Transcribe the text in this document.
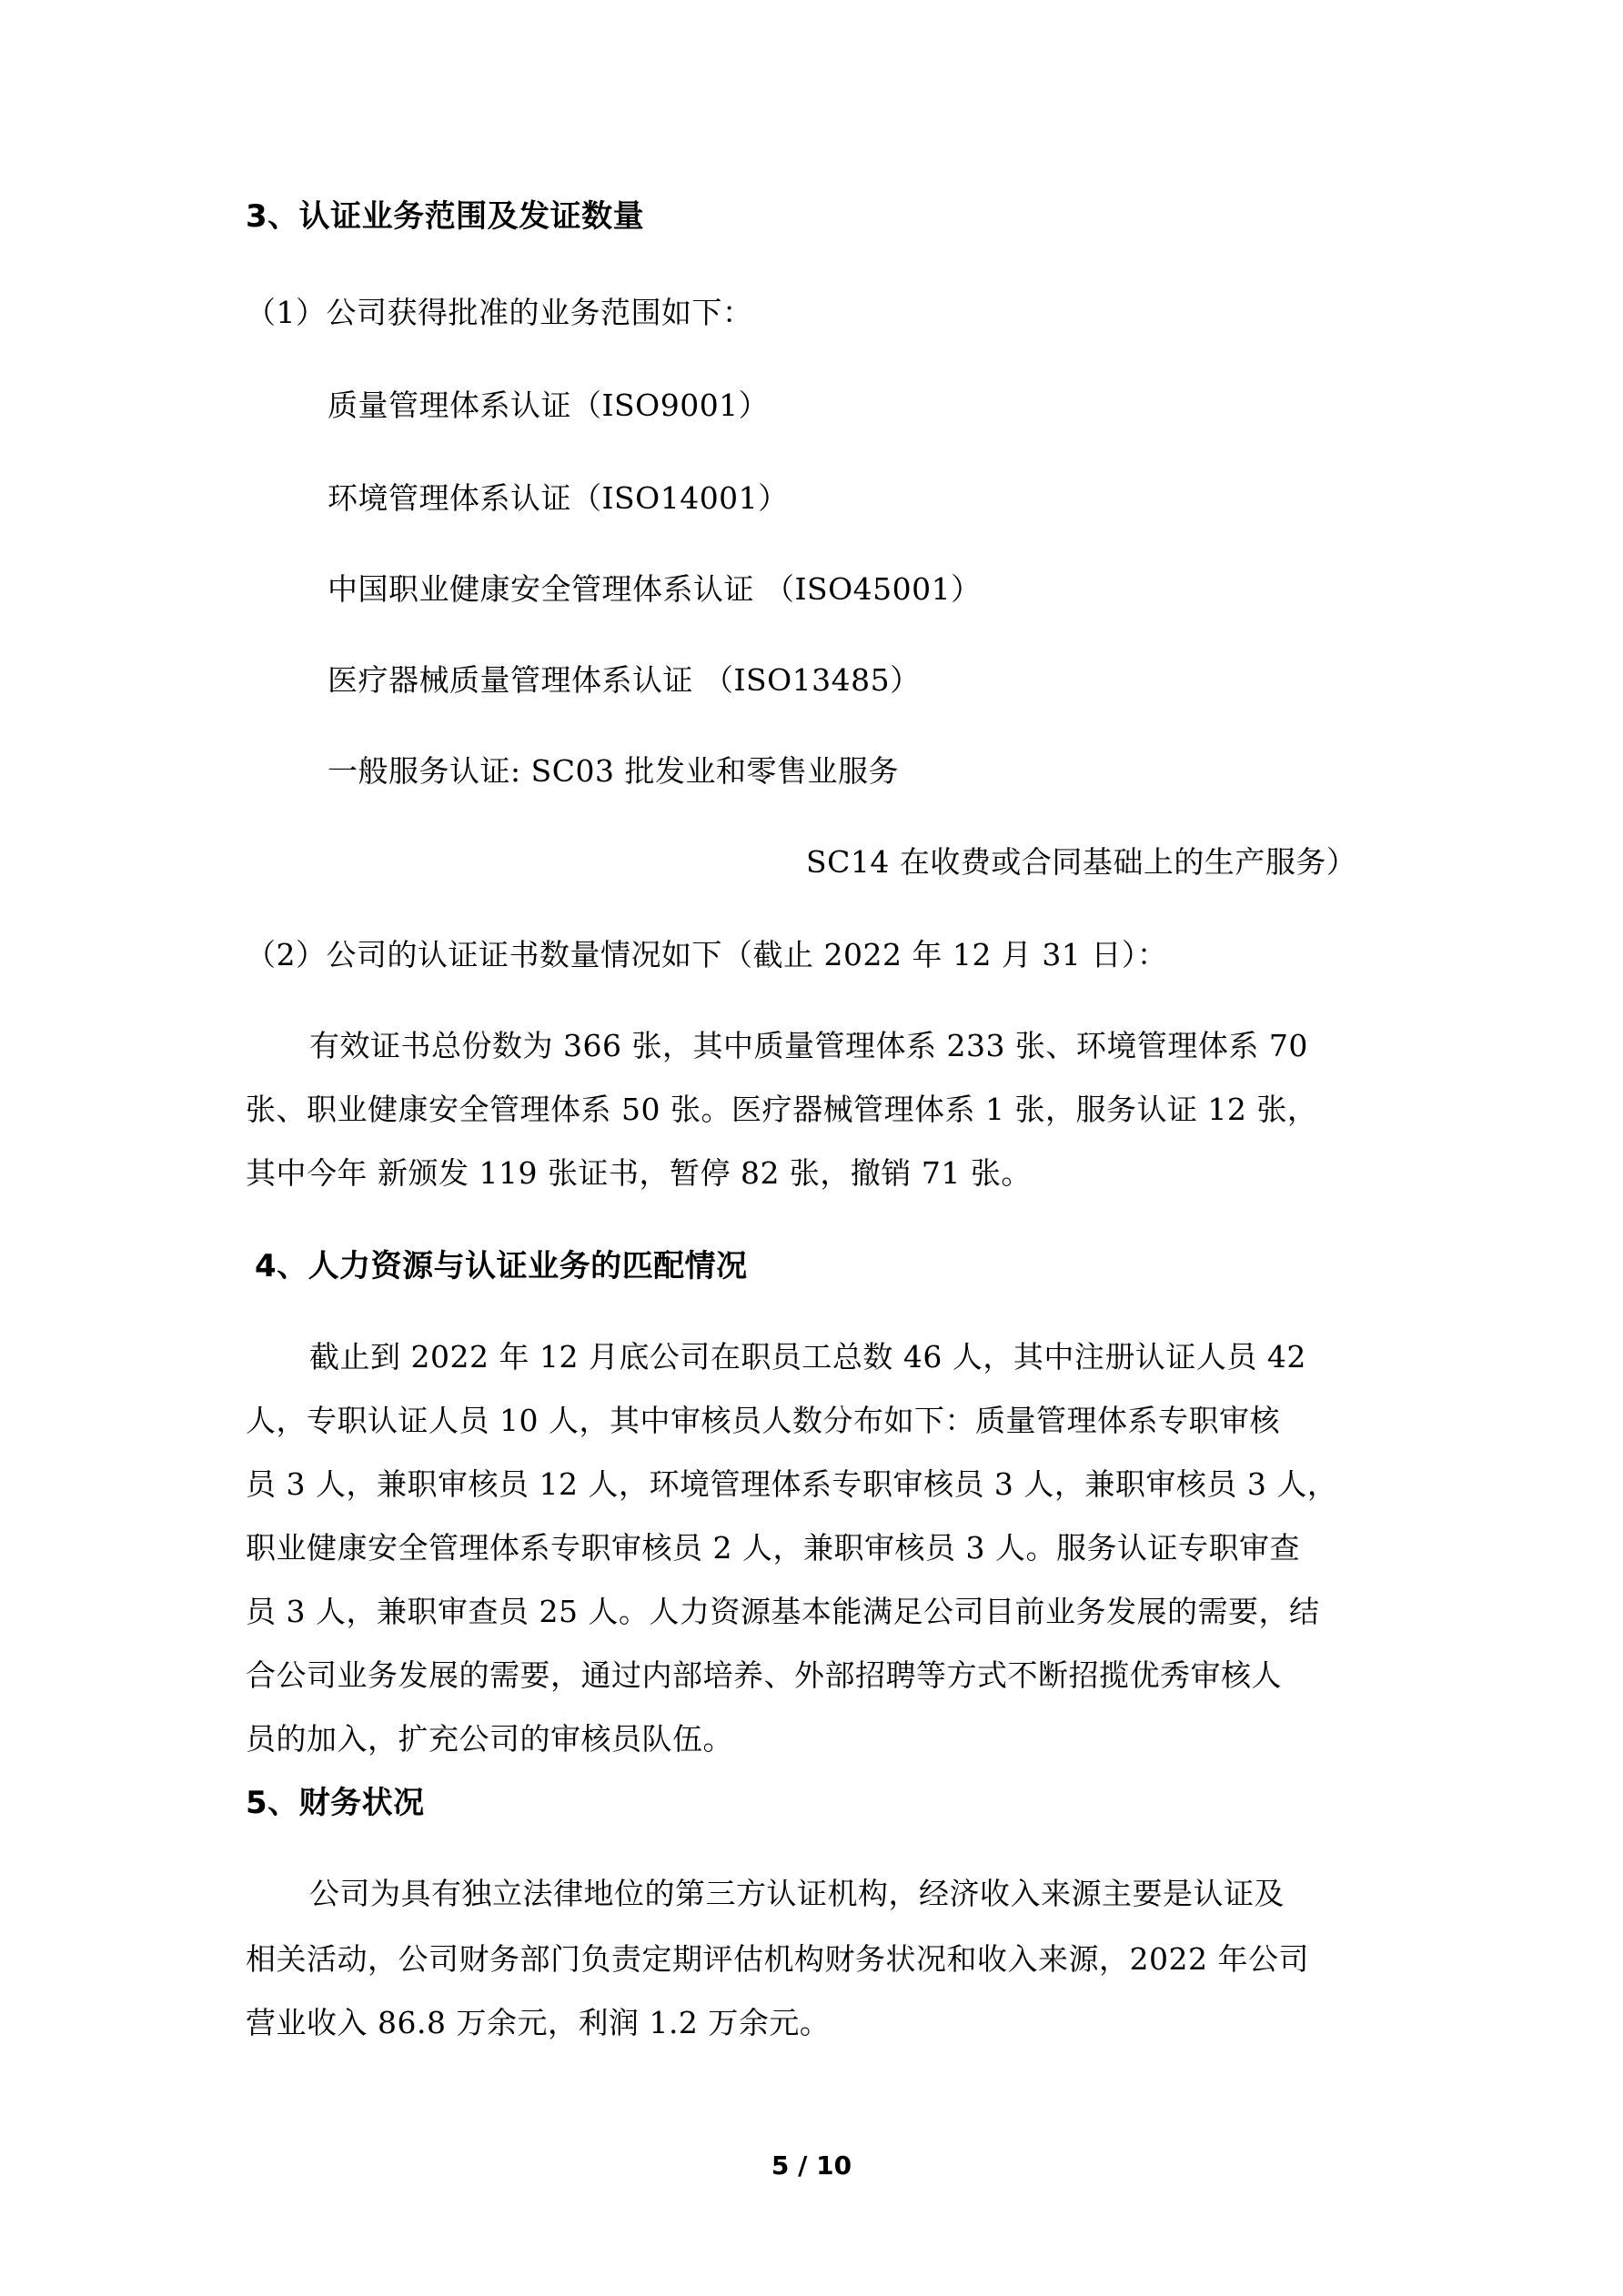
3、认证业务范围及发证数量
（1）公司获得批准的业务范围如下：
质量管理体系认证（ISO9001）
环境管理体系认证（ISO14001）
中国职业健康安全管理体系认证 （ISO45001）
医疗器械质量管理体系认证 （ISO13485）
一般服务认证: SC03 批发业和零售业服务
SC14 在收费或合同基础上的生产服务）
（2）公司的认证证书数量情况如下（截止 2022 年 12 月 31 日）：
有效证书总份数为 366 张，其中质量管理体系 233 张、环境管理体系 70
张、职业健康安全管理体系 50 张。医疗器械管理体系 1 张，服务认证 12 张，
其中今年 新颁发 119 张证书，暂停 82 张，撤销 71 张。
4、人力资源与认证业务的匹配情况
截止到 2022 年 12 月底公司在职员工总数 46 人，其中注册认证人员 42
人，专职认证人员 10 人，其中审核员人数分布如下：质量管理体系专职审核
员 3 人，兼职审核员 12 人，环境管理体系专职审核员 3 人，兼职审核员 3 人，
职业健康安全管理体系专职审核员 2 人，兼职审核员 3 人。服务认证专职审查
员 3 人，兼职审查员 25 人。人力资源基本能满足公司目前业务发展的需要，结
合公司业务发展的需要，通过内部培养、外部招聘等方式不断招揽优秀审核人
员的加入，扩充公司的审核员队伍。
5、财务状况
公司为具有独立法律地位的第三方认证机构，经济收入来源主要是认证及
相关活动，公司财务部门负责定期评估机构财务状况和收入来源，2022 年公司
营业收入 86.8 万余元，利润 1.2 万余元。
5 / 10
